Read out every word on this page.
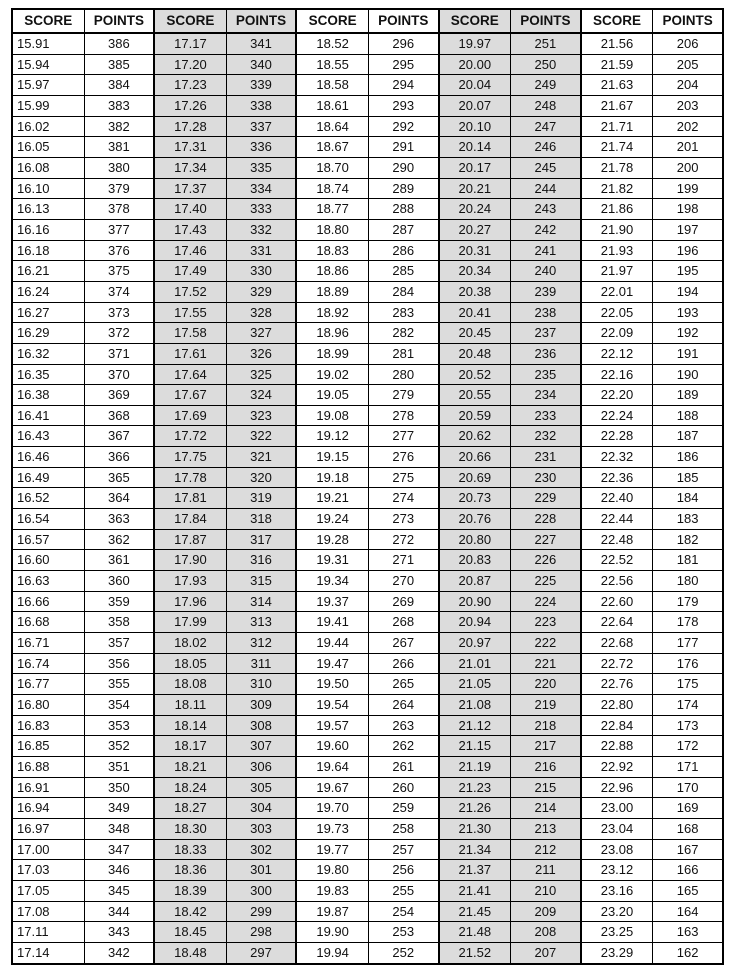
SCORE	POINTS	SCORE	POINTS	SCORE	POINTS	SCORE	POINTS	SCORE	POINTS
15.91	386	17.17	341	18.52	296	19.97	251	21.56	206
15.94	385	17.20	340	18.55	295	20.00	250	21.59	205
15.97	384	17.23	339	18.58	294	20.04	249	21.63	204
15.99	383	17.26	338	18.61	293	20.07	248	21.67	203
16.02	382	17.28	337	18.64	292	20.10	247	21.71	202
16.05	381	17.31	336	18.67	291	20.14	246	21.74	201
16.08	380	17.34	335	18.70	290	20.17	245	21.78	200
16.10	379	17.37	334	18.74	289	20.21	244	21.82	199
16.13	378	17.40	333	18.77	288	20.24	243	21.86	198
16.16	377	17.43	332	18.80	287	20.27	242	21.90	197
16.18	376	17.46	331	18.83	286	20.31	241	21.93	196
16.21	375	17.49	330	18.86	285	20.34	240	21.97	195
16.24	374	17.52	329	18.89	284	20.38	239	22.01	194
16.27	373	17.55	328	18.92	283	20.41	238	22.05	193
16.29	372	17.58	327	18.96	282	20.45	237	22.09	192
16.32	371	17.61	326	18.99	281	20.48	236	22.12	191
16.35	370	17.64	325	19.02	280	20.52	235	22.16	190
16.38	369	17.67	324	19.05	279	20.55	234	22.20	189
16.41	368	17.69	323	19.08	278	20.59	233	22.24	188
16.43	367	17.72	322	19.12	277	20.62	232	22.28	187
16.46	366	17.75	321	19.15	276	20.66	231	22.32	186
16.49	365	17.78	320	19.18	275	20.69	230	22.36	185
16.52	364	17.81	319	19.21	274	20.73	229	22.40	184
16.54	363	17.84	318	19.24	273	20.76	228	22.44	183
16.57	362	17.87	317	19.28	272	20.80	227	22.48	182
16.60	361	17.90	316	19.31	271	20.83	226	22.52	181
16.63	360	17.93	315	19.34	270	20.87	225	22.56	180
16.66	359	17.96	314	19.37	269	20.90	224	22.60	179
16.68	358	17.99	313	19.41	268	20.94	223	22.64	178
16.71	357	18.02	312	19.44	267	20.97	222	22.68	177
16.74	356	18.05	311	19.47	266	21.01	221	22.72	176
16.77	355	18.08	310	19.50	265	21.05	220	22.76	175
16.80	354	18.11	309	19.54	264	21.08	219	22.80	174
16.83	353	18.14	308	19.57	263	21.12	218	22.84	173
16.85	352	18.17	307	19.60	262	21.15	217	22.88	172
16.88	351	18.21	306	19.64	261	21.19	216	22.92	171
16.91	350	18.24	305	19.67	260	21.23	215	22.96	170
16.94	349	18.27	304	19.70	259	21.26	214	23.00	169
16.97	348	18.30	303	19.73	258	21.30	213	23.04	168
17.00	347	18.33	302	19.77	257	21.34	212	23.08	167
17.03	346	18.36	301	19.80	256	21.37	211	23.12	166
17.05	345	18.39	300	19.83	255	21.41	210	23.16	165
17.08	344	18.42	299	19.87	254	21.45	209	23.20	164
17.11	343	18.45	298	19.90	253	21.48	208	23.25	163
17.14	342	18.48	297	19.94	252	21.52	207	23.29	162
